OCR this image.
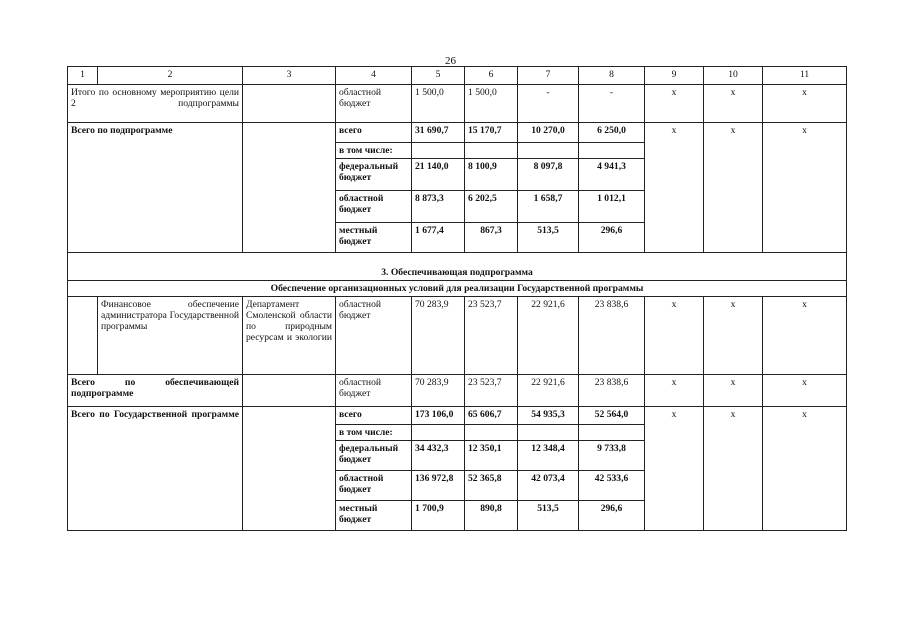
26
1	2	3	4	5	6	7	8	9	10	11
Итого по основному мероприятию цели 2 подпрограммы			областной бюджет	1 500,0	1 500,0	-	-	х	х	х
Всего по подпрограмме			всего	31 690,7	15 170,7	10 270,0	6 250,0	х	х	х
			в том числе:							
			федеральный бюджет	21 140,0	8 100,9	8 097,8	4 941,3			
			областной бюджет	8 873,3	6 202,5	1 658,7	1 012,1			
			местный бюджет	1 677,4	867,3	513,5	296,6			
3. Обеспечивающая подпрограмма										
Обеспечение организационных условий для реализации Государственной программы										
	Финансовое обеспечение администратора Государственной программы	Департамент Смоленской области по природным ресурсам и экологии	областной бюджет	70 283,9	23 523,7	22 921,6	23 838,6	х	х	х
Всего по обеспечивающей подпрограмме			областной бюджет	70 283,9	23 523,7	22 921,6	23 838,6	х	х	х
Всего по Государственной программе			всего	173 106,0	65 606,7	54 935,3	52 564,0	х	х	х
			в том числе:							
			федеральный бюджет	34 432,3	12 350,1	12 348,4	9 733,8			
			областной бюджет	136 972,8	52 365,8	42 073,4	42 533,6			
			местный бюджет	1 700,9	890,8	513,5	296,6			
